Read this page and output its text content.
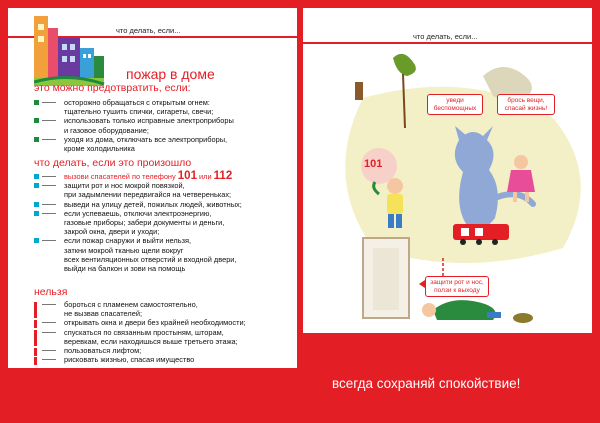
что делать, если...
пожар в доме
это можно предотвратить, если:
осторожно обращаться с открытым огнем:
тщательно тушить спички, сигареты, свечи;
использовать только исправные электроприборы
и газовое оборудование;
уходя из дома, отключать все электроприборы,
кроме холодильника
что делать, если это произошло
вызови спасателей по телефону 101 или 112
защити рот и нос мокрой повязкой,
при задымлении передвигайся на четвереньках;
выведи на улицу детей, пожилых людей, животных;
если успеваешь, отключи электроэнергию,
газовые приборы; забери документы и деньги,
закрой окна, двери и уходи;
если пожар снаружи и выйти нельзя,
заткни мокрой тканью щели вокруг
всех вентиляционных отверстий и входной двери,
выйди на балкон и зови на помощь
нельзя
бороться с пламенем самостоятельно,
не вызвав спасателей;
открывать окна и двери без крайней необходимости;
спускаться по связанным простыням, шторам,
веревкам, если находишься выше третьего этажа;
пользоваться лифтом;
рисковать жизнью, спасая имущество
что делать, если...
уведи
беспомощных
брось вещи,
спасай жизнь!
101
защити рот и нос,
ползи к выходу
всегда сохраняй спокойствие!
